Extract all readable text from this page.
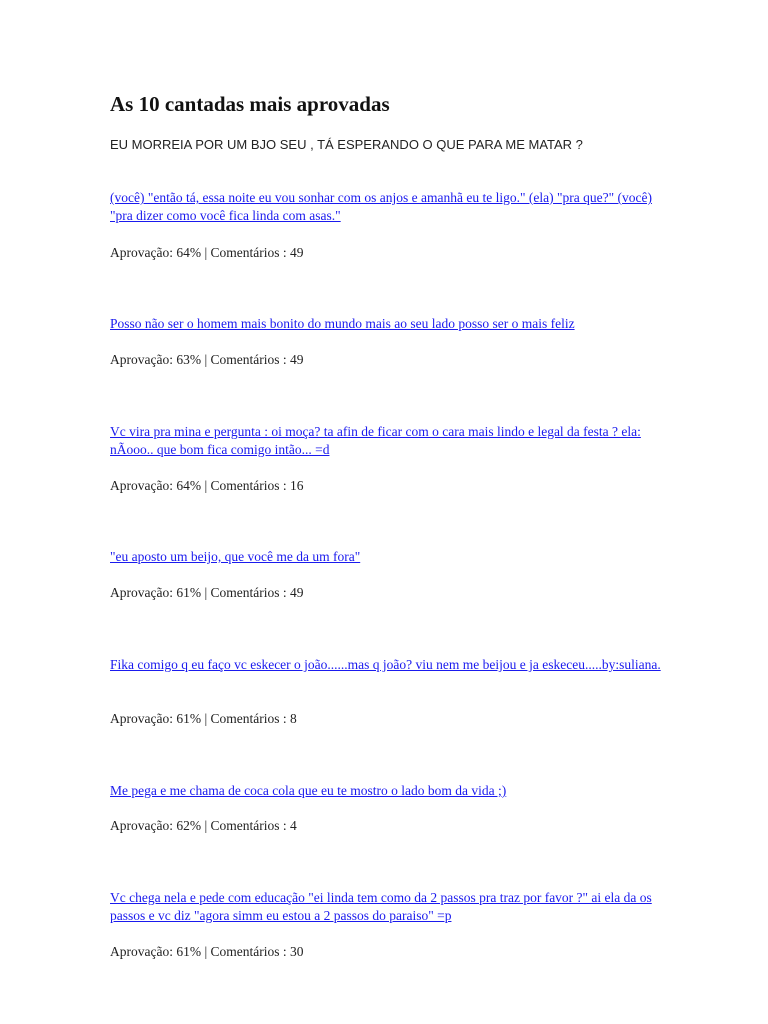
As 10 cantadas mais aprovadas

EU MORREIA POR UM BJO SEU , TÁ ESPERANDO O QUE PARA ME MATAR ?

(você) "então tá, essa noite eu vou sonhar com os anjos e amanhã eu te ligo." (ela) "pra que?" (você) "pra dizer como você fica linda com asas."
Aprovação: 64% | Comentários : 49
Posso não ser o homem mais bonito do mundo mais ao seu lado posso ser o mais feliz
Aprovação: 63% | Comentários : 49
Vc vira pra mina e pergunta : oi moça? ta afin de ficar com o cara mais lindo e legal da festa ? ela: nÃooo.. que bom fica comigo intão... =d
Aprovação: 64% | Comentários : 16
"eu aposto um beijo, que você me da um fora"
Aprovação: 61% | Comentários : 49
Fika comigo q eu faço vc eskecer o joão......mas q joão? viu nem me beijou e ja eskeceu.....by:suliana.
Aprovação: 61% | Comentários : 8
Me pega e me chama de coca cola que eu te mostro o lado bom da vida ;)
Aprovação: 62% | Comentários : 4
Vc chega nela e pede com educação "ei linda tem como da 2 passos pra traz por favor ?" ai ela da os passos e vc diz "agora simm eu estou a 2 passos do paraiso" =p
Aprovação: 61% | Comentários : 30
